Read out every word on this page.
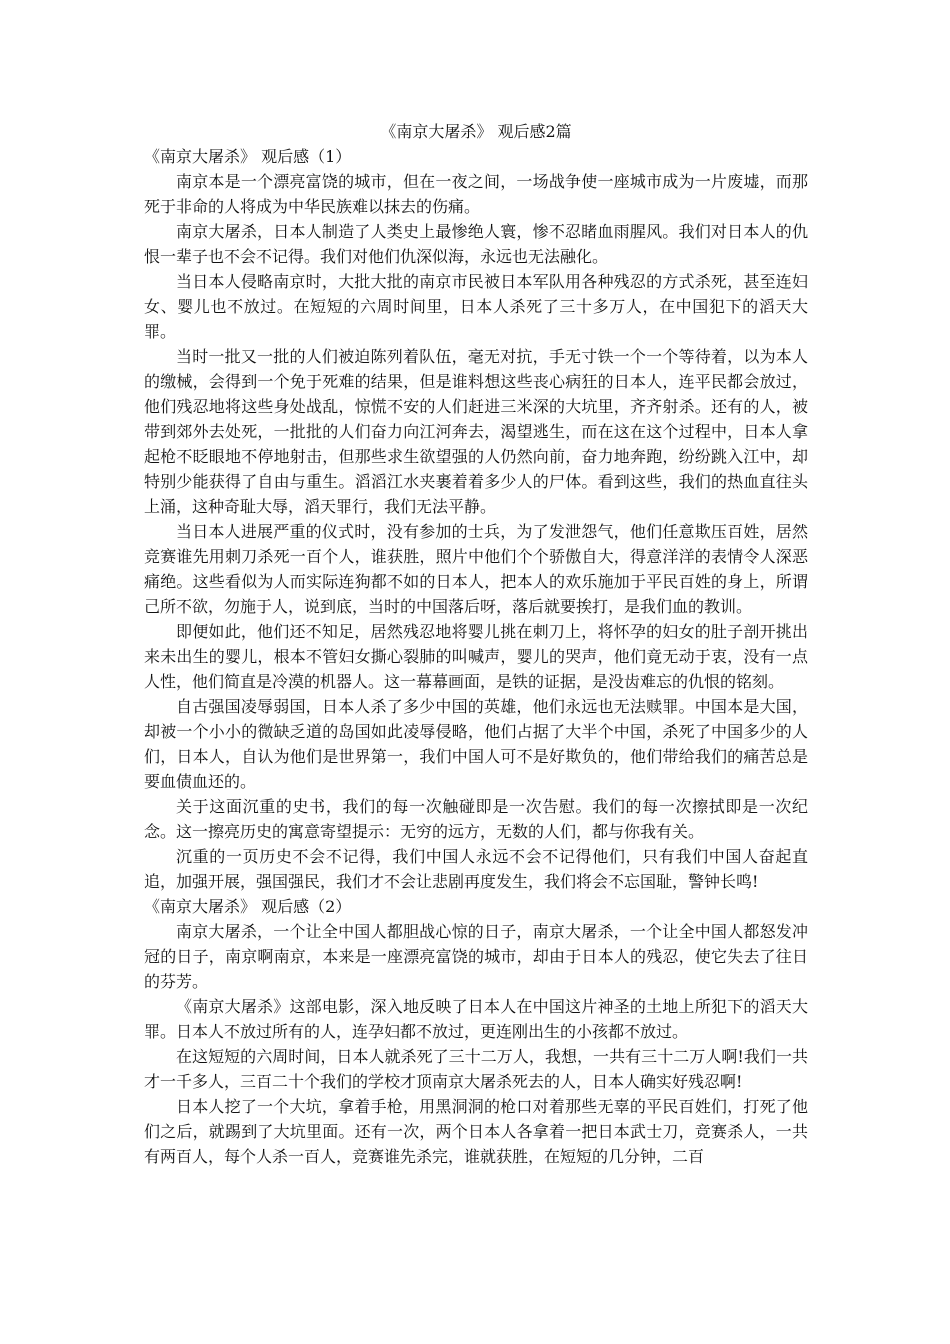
《南京大屠杀》 观后感2篇

《南京大屠杀》 观后感（1）

南京本是一个漂亮富饶的城市，但在一夜之间，一场战争使一座城市成为一片废墟，而那死于非命的人将成为中华民族难以抹去的伤痛。

南京大屠杀，日本人制造了人类史上最惨绝人寰，惨不忍睹血雨腥风。我们对日本人的仇恨一辈子也不会不记得。我们对他们仇深似海，永远也无法融化。

当日本人侵略南京时，大批大批的南京市民被日本军队用各种残忍的方式杀死，甚至连妇女、婴儿也不放过。在短短的六周时间里，日本人杀死了三十多万人，在中国犯下的滔天大罪。

当时一批又一批的人们被迫陈列着队伍，毫无对抗，手无寸铁一个一个等待着，以为本人的缴械，会得到一个免于死难的结果，但是谁料想这些丧心病狂的日本人，连平民都会放过，他们残忍地将这些身处战乱，惊慌不安的人们赶进三米深的大坑里，齐齐射杀。还有的人，被带到郊外去处死，一批批的人们奋力向江河奔去，渴望逃生，而在这在这个过程中，日本人拿起枪不眨眼地不停地射击，但那些求生欲望强的人仍然向前，奋力地奔跑，纷纷跳入江中，却特别少能获得了自由与重生。滔滔江水夹裹着着多少人的尸体。看到这些，我们的热血直往头上涌，这种奇耻大辱，滔天罪行，我们无法平静。

当日本人进展严重的仪式时，没有参加的士兵，为了发泄怨气，他们任意欺压百姓，居然竞赛谁先用刺刀杀死一百个人，谁获胜，照片中他们个个骄傲自大，得意洋洋的表情令人深恶痛绝。这些看似为人而实际连狗都不如的日本人，把本人的欢乐施加于平民百姓的身上，所谓己所不欲，勿施于人，说到底，当时的中国落后呀，落后就要挨打，是我们血的教训。

即便如此，他们还不知足，居然残忍地将婴儿挑在刺刀上，将怀孕的妇女的肚子剖开挑出来未出生的婴儿，根本不管妇女撕心裂肺的叫喊声，婴儿的哭声，他们竟无动于衷，没有一点人性，他们简直是冷漠的机器人。这一幕幕画面，是铁的证据，是没齿难忘的仇恨的铭刻。

自古强国凌辱弱国，日本人杀了多少中国的英雄，他们永远也无法赎罪。中国本是大国，却被一个小小的微缺乏道的岛国如此凌辱侵略，他们占据了大半个中国，杀死了中国多少的人们，日本人，自认为他们是世界第一，我们中国人可不是好欺负的，他们带给我们的痛苦总是要血债血还的。

关于这面沉重的史书，我们的每一次触碰即是一次告慰。我们的每一次擦拭即是一次纪念。这一擦亮历史的寓意寄望提示：无穷的远方，无数的人们，都与你我有关。

沉重的一页历史不会不记得，我们中国人永远不会不记得他们，只有我们中国人奋起直追，加强开展，强国强民，我们才不会让悲剧再度发生，我们将会不忘国耻，警钟长鸣!

《南京大屠杀》 观后感（2）

南京大屠杀，一个让全中国人都胆战心惊的日子，南京大屠杀，一个让全中国人都怒发冲冠的日子，南京啊南京，本来是一座漂亮富饶的城市，却由于日本人的残忍，使它失去了往日的芬芳。

《南京大屠杀》这部电影，深入地反映了日本人在中国这片神圣的土地上所犯下的滔天大罪。日本人不放过所有的人，连孕妇都不放过，更连刚出生的小孩都不放过。

在这短短的六周时间，日本人就杀死了三十二万人，我想，一共有三十二万人啊!我们一共才一千多人，三百二十个我们的学校才顶南京大屠杀死去的人，日本人确实好残忍啊!

日本人挖了一个大坑，拿着手枪，用黑洞洞的枪口对着那些无辜的平民百姓们，打死了他们之后，就踢到了大坑里面。还有一次，两个日本人各拿着一把日本武士刀，竞赛杀人，一共有两百人，每个人杀一百人，竞赛谁先杀完，谁就获胜，在短短的几分钟，二百
